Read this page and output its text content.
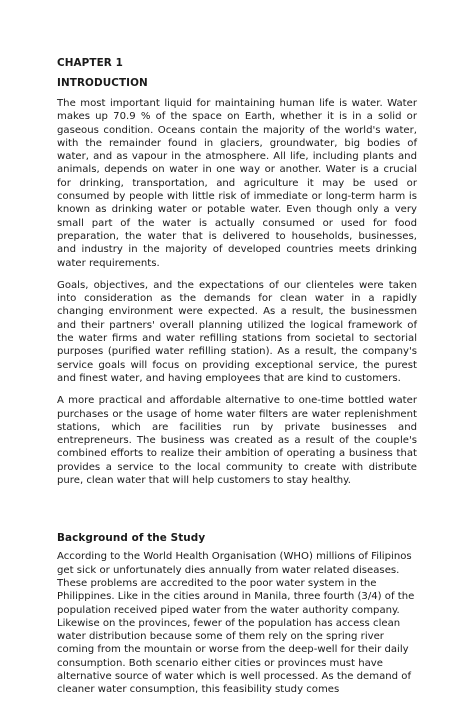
CHAPTER 1

INTRODUCTION

The most important liquid for maintaining human life is water. Water makes up 70.9 % of the space on Earth, whether it is in a solid or gaseous condition. Oceans contain the majority of the world's water, with the remainder found in glaciers, groundwater, big bodies of water, and as vapour in the atmosphere. All life, including plants and animals, depends on water in one way or another. Water is a crucial for drinking, transportation, and agriculture it may be used or consumed by people with little risk of immediate or long-term harm is known as drinking water or potable water. Even though only a very small part of the water is actually consumed or used for food preparation, the water that is delivered to households, businesses, and industry in the majority of developed countries meets drinking water requirements.

Goals, objectives, and the expectations of our clienteles were taken into consideration as the demands for clean water in a rapidly changing environment were expected. As a result, the businessmen and their partners' overall planning utilized the logical framework of the water firms and water refilling stations from societal to sectorial purposes (purified water refilling station). As a result, the company's service goals will focus on providing exceptional service, the purest and finest water, and having employees that are kind to customers.

A more practical and affordable alternative to one-time bottled water purchases or the usage of home water filters are water replenishment stations, which are facilities run by private businesses and entrepreneurs. The business was created as a result of the couple's combined efforts to realize their ambition of operating a business that provides a service to the local community to create with distribute pure, clean water that will help customers to stay healthy.

Background of the Study

According to the World Health Organisation (WHO) millions of Filipinos get sick or unfortunately dies annually from water related diseases. These problems are accredited to the poor water system in the Philippines. Like in the cities around in Manila, three fourth (3/4) of the population received piped water from the water authority company. Likewise on the provinces, fewer of the population has access clean water distribution because some of them rely on the spring river coming from the mountain or worse from the deep-well for their daily consumption. Both scenario either cities or provinces must have alternative source of water which is well processed. As the demand of cleaner water consumption, this feasibility study comes
